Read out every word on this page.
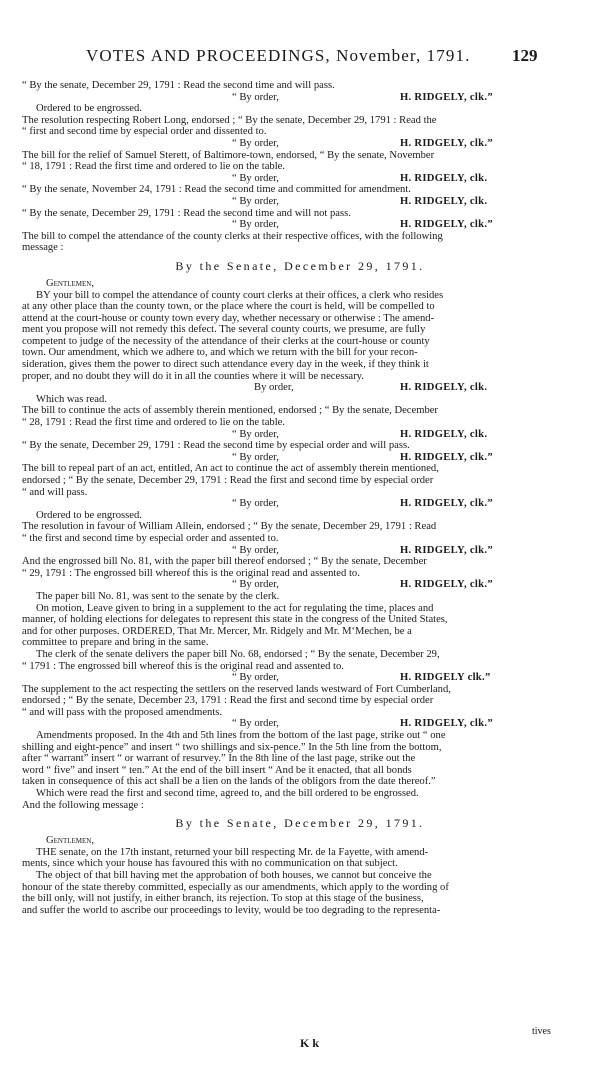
VOTES AND PROCEEDINGS, November, 1791. 129
“ By the senate, December 29, 1791 : Read the second time and will pass.
“ By order,	H. RIDGELY, clk.”
Ordered to be engrossed.
The resolution respecting Robert Long, endorsed ; “ By the senate, December 29, 1791 : Read the
“ first and second time by especial order and dissented to.
“ By order,	H. RIDGELY, clk.”
The bill for the relief of Samuel Sterett, of Baltimore-town, endorsed, “ By the senate, November
“ 18, 1791 : Read the first time and ordered to lie on the table.
“ By order,	H. RIDGELY, clk.
“ By the senate, November 24, 1791 : Read the second time and committed for amendment.
“ By order,	H. RIDGELY, clk.
“ By the senate, December 29, 1791 : Read the second time and will not pass.
“ By order,	H. RIDGELY, clk.”
The bill to compel the attendance of the county clerks at their respective offices, with the following
message :
By the Senate, December 29, 1791.
Gentlemen,
BY your bill to compel the attendance of county court clerks at their offices, a clerk who resides
at any other place than the county town, or the place where the court is held, will be compelled to
attend at the court-house or county town every day, whether necessary or otherwise : The amend-
ment you propose will not remedy this defect. The several county courts, we presume, are fully
competent to judge of the necessity of the attendance of their clerks at the court-house or county
town. Our amendment, which we adhere to, and which we return with the bill for your recon-
sideration, gives them the power to direct such attendance every day in the week, if they think it
proper, and no doubt they will do it in all the counties where it will be necessary.
By order,	H. RIDGELY, clk.
Which was read.
The bill to continue the acts of assembly therein mentioned, endorsed ; “ By the senate, December
“ 28, 1791 : Read the first time and ordered to lie on the table.
“ By order,	H. RIDGELY, clk.
“ By the senate, December 29, 1791 : Read the second time by especial order and will pass.
“ By order,	H. RIDGELY, clk.”
The bill to repeal part of an act, entitled, An act to continue the act of assembly therein mentioned,
endorsed ; “ By the senate, December 29, 1791 : Read the first and second time by especial order
“ and will pass.
“ By order,	H. RIDGELY, clk.”
Ordered to be engrossed.
The resolution in favour of William Allein, endorsed ; “ By the senate, December 29, 1791 : Read
“ the first and second time by especial order and assented to.
“ By order,	H. RIDGELY, clk.”
And the engrossed bill No. 81, with the paper bill thereof endorsed ; “ By the senate, December
“ 29, 1791 : The engrossed bill whereof this is the original read and assented to.
“ By order,	H. RIDGELY, clk.”
The paper bill No. 81, was sent to the senate by the clerk.
On motion, Leave given to bring in a supplement to the act for regulating the time, places and
manner, of holding elections for delegates to represent this state in the congress of the United States,
and for other purposes. ORDERED, That Mr. Mercer, Mr. Ridgely and Mr. M‘Mechen, be a
committee to prepare and bring in the same.
The clerk of the senate delivers the paper bill No. 68, endorsed ; “ By the senate, December 29,
“ 1791 : The engrossed bill whereof this is the original read and assented to.
“ By order,	H. RIDGELY clk.”
The supplement to the act respecting the settlers on the reserved lands westward of Fort Cumberland,
endorsed ; “ By the senate, December 23, 1791 : Read the first and second time by especial order
“ and will pass with the proposed amendments.
“ By order,	H. RIDGELY, clk.”
Amendments proposed. In the 4th and 5th lines from the bottom of the last page, strike out “ one
shilling and eight-pence” and insert “ two shillings and six-pence.” In the 5th line from the bottom,
after “ warrant” insert “ or warrant of resurvey.” In the 8th line of the last page, strike out the
word “ five” and insert “ ten.” At the end of the bill insert “ And be it enacted, that all bonds
taken in consequence of this act shall be a lien on the lands of the obligors from the date thereof.”
Which were read the first and second time, agreed to, and the bill ordered to be engrossed.
And the following message :
By the Senate, December 29, 1791.
Gentlemen,
THE senate, on the 17th instant, returned your bill respecting Mr. de la Fayette, with amend-
ments, since which your house has favoured this with no communication on that subject.
The object of that bill having met the approbation of both houses, we cannot but conceive the
honour of the state thereby committed, especially as our amendments, which apply to the wording of
the bill only, will not justify, in either branch, its rejection. To stop at this stage of the business,
and suffer the world to ascribe our proceedings to levity, would be too degrading to the representa-
K k
tives
